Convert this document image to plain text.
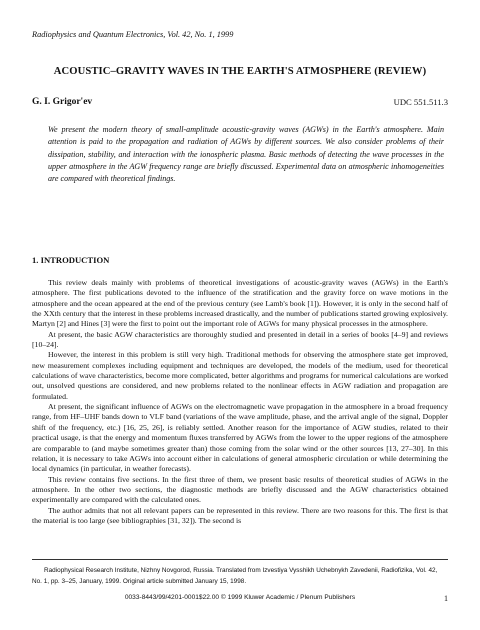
Radiophysics and Quantum Electronics, Vol. 42, No. 1, 1999
ACOUSTIC–GRAVITY WAVES IN THE EARTH'S ATMOSPHERE (REVIEW)
G. I. Grigor'ev	UDC 551.511.3

We present the modern theory of small-amplitude acoustic-gravity waves (AGWs) in the Earth's atmosphere. Main attention is paid to the propagation and radiation of AGWs by different sources. We also consider problems of their dissipation, stability, and interaction with the ionospheric plasma. Basic methods of detecting the wave processes in the upper atmosphere in the AGW frequency range are briefly discussed. Experimental data on atmospheric inhomogeneities are compared with theoretical findings.

1. INTRODUCTION

This review deals mainly with problems of theoretical investigations of acoustic-gravity waves (AGWs) in the Earth's atmosphere. The first publications devoted to the influence of the stratification and the gravity force on wave motions in the atmosphere and the ocean appeared at the end of the previous century (see Lamb's book [1]). However, it is only in the second half of the XXth century that the interest in these problems increased drastically, and the number of publications started growing explosively. Martyn [2] and Hines [3] were the first to point out the important role of AGWs for many physical processes in the atmosphere.

At present, the basic AGW characteristics are thoroughly studied and presented in detail in a series of books [4–9] and reviews [10–24].

However, the interest in this problem is still very high. Traditional methods for observing the atmosphere state get improved, new measurement complexes including equipment and techniques are developed, the models of the medium, used for theoretical calculations of wave characteristics, become more complicated, better algorithms and programs for numerical calculations are worked out, unsolved questions are considered, and new problems related to the nonlinear effects in AGW radiation and propagation are formulated.

At present, the significant influence of AGWs on the electromagnetic wave propagation in the atmosphere in a broad frequency range, from HF–UHF bands down to VLF band (variations of the wave amplitude, phase, and the arrival angle of the signal, Doppler shift of the frequency, etc.) [16, 25, 26], is reliably settled. Another reason for the importance of AGW studies, related to their practical usage, is that the energy and momentum fluxes transferred by AGWs from the lower to the upper regions of the atmosphere are comparable to (and maybe sometimes greater than) those coming from the solar wind or the other sources [13, 27–30]. In this relation, it is necessary to take AGWs into account either in calculations of general atmospheric circulation or while determining the local dynamics (in particular, in weather forecasts).

This review contains five sections. In the first three of them, we present basic results of theoretical studies of AGWs in the atmosphere. In the other two sections, the diagnostic methods are briefly discussed and the AGW characteristics obtained experimentally are compared with the calculated ones.

The author admits that not all relevant papers can be represented in this review. There are two reasons for this. The first is that the material is too large (see bibliographies [31, 32]). The second is

Radiophysical Research Institute, Nizhny Novgorod, Russia. Translated from Izvestiya Vysshikh Uchebnykh Zavedenii, Radiofizika, Vol. 42, No. 1, pp. 3–25, January, 1999. Original article submitted January 15, 1998.

0033-8443/99/4201-0001$22.00 © 1999 Kluwer Academic / Plenum Publishers	1
